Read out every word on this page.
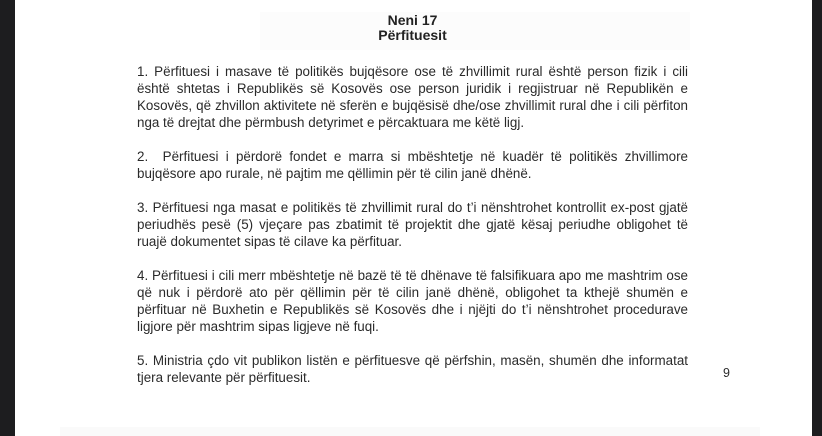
Neni 17
Përfituesit

1. Përfituesi i masave të politikës bujqësore ose të zhvillimit rural është person fizik i cili është shtetas i Republikës së Kosovës ose person juridik i regjistruar në Republikën e Kosovës, që zhvillon aktivitete në sferën e bujqësisë dhe/ose zhvillimit rural dhe i cili përfiton nga të drejtat dhe përmbush detyrimet e përcaktuara me këtë ligj.

2.  Përfituesi i përdorë fondet e marra si mbështetje në kuadër të politikës zhvillimore bujqësore apo rurale, në pajtim me qëllimin për të cilin janë dhënë.

3. Përfituesi nga masat e politikës të zhvillimit rural do t’i nënshtrohet kontrollit ex-post gjatë periudhës pesë (5) vjeçare pas zbatimit të projektit dhe gjatë kësaj periudhe obligohet të ruajë dokumentet sipas të cilave ka përfituar.

4. Përfituesi i cili merr mbështetje në bazë të të dhënave të falsifikuara apo me mashtrim ose që nuk i përdorë ato për qëllimin për të cilin janë dhënë, obligohet ta kthejë shumën e përfituar në Buxhetin e Republikës së Kosovës dhe i njëjti do t’i nënshtrohet procedurave ligjore për mashtrim sipas ligjeve në fuqi.

5. Ministria çdo vit publikon listën e përfituesve që përfshin, masën, shumën dhe informatat tjera relevante për përfituesit.	9
